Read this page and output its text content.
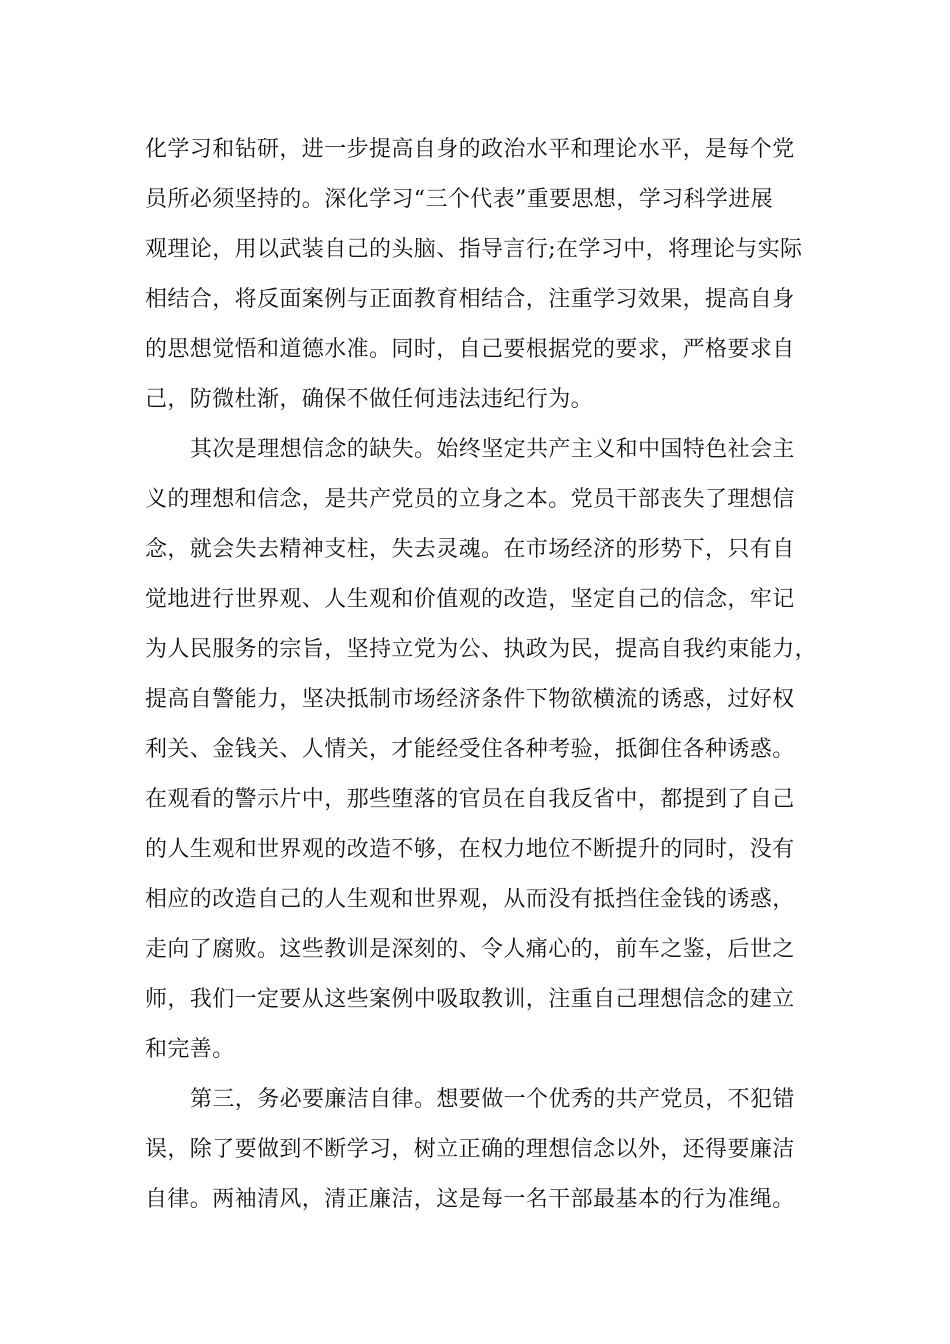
化学习和钻研，进一步提高自身的政治水平和理论水平，是每个党
员所必须坚持的。深化学习“三个代表”重要思想，学习科学进展
观理论，用以武装自己的头脑、指导言行;在学习中，将理论与实际
相结合，将反面案例与正面教育相结合，注重学习效果，提高自身
的思想觉悟和道德水准。同时，自己要根据党的要求，严格要求自
己，防微杜渐，确保不做任何违法违纪行为。
其次是理想信念的缺失。始终坚定共产主义和中国特色社会主
义的理想和信念，是共产党员的立身之本。党员干部丧失了理想信
念，就会失去精神支柱，失去灵魂。在市场经济的形势下，只有自
觉地进行世界观、人生观和价值观的改造，坚定自己的信念，牢记
为人民服务的宗旨，坚持立党为公、执政为民，提高自我约束能力，
提高自警能力，坚决抵制市场经济条件下物欲横流的诱惑，过好权
利关、金钱关、人情关，才能经受住各种考验，抵御住各种诱惑。
在观看的警示片中，那些堕落的官员在自我反省中，都提到了自己
的人生观和世界观的改造不够，在权力地位不断提升的同时，没有
相应的改造自己的人生观和世界观，从而没有抵挡住金钱的诱惑，
走向了腐败。这些教训是深刻的、令人痛心的，前车之鉴，后世之
师，我们一定要从这些案例中吸取教训，注重自己理想信念的建立
和完善。
第三，务必要廉洁自律。想要做一个优秀的共产党员，不犯错
误，除了要做到不断学习，树立正确的理想信念以外，还得要廉洁
自律。两袖清风，清正廉洁，这是每一名干部最基本的行为准绳。
